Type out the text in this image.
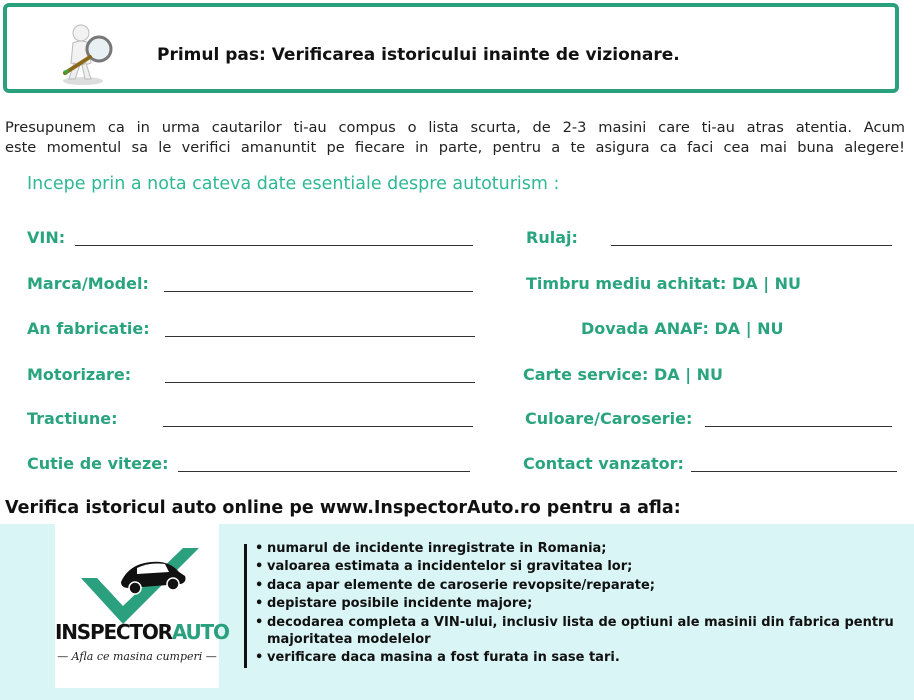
Primul pas: Verificarea istoricului inainte de vizionare.

Presupunem ca in urma cautarilor ti-au compus o lista scurta, de 2-3 masini care ti-au atras atentia. Acum

este momentul sa le verifici amanuntit pe fiecare in parte, pentru a te asigura ca faci cea mai buna alegere!

Incepe prin a nota cateva date esentiale despre autoturism :
VIN:
Marca/Model:
An fabricatie:
Motorizare:
Tractiune:
Cutie de viteze:
Rulaj:
Timbru mediu achitat: DA | NU
Dovada ANAF: DA | NU
Carte service: DA | NU
Culoare/Caroserie:
Contact vanzator:
Verifica istoricul auto online pe www.InspectorAuto.ro pentru a afla:
INSPECTORAUTO
— Afla ce masina cumperi —
• numarul de incidente inregistrate in Romania;
• valoarea estimata a incidentelor si gravitatea lor;
• daca apar elemente de caroserie revopsite/reparate;
• depistare posibile incidente majore;
• decodarea completa a VIN-ului, inclusiv lista de optiuni ale masinii din fabrica pentru majoritatea modelelor
• verificare daca masina a fost furata in sase tari.
